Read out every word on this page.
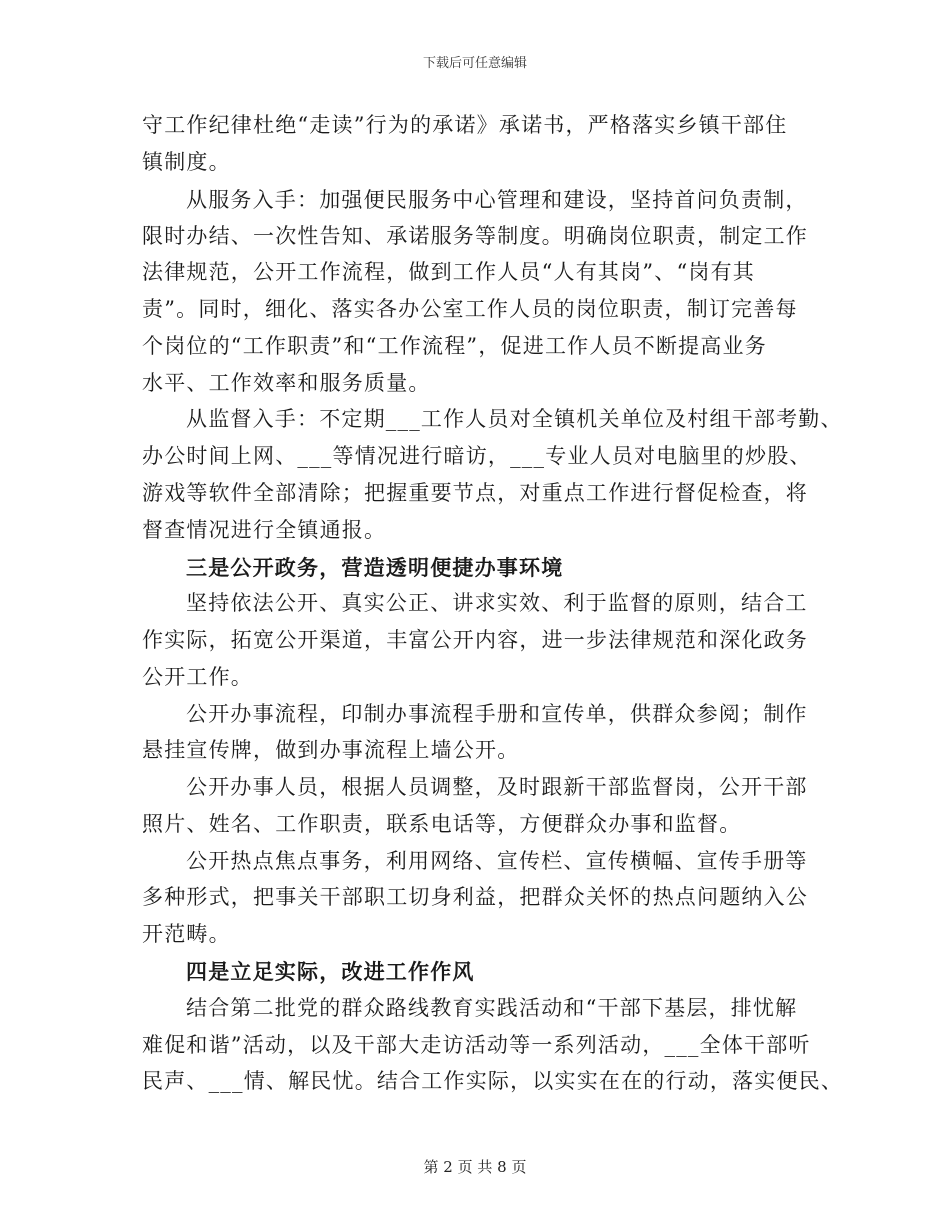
下载后可任意编辑
守工作纪律杜绝“走读”行为的承诺》承诺书，严格落实乡镇干部住
镇制度。
从服务入手：加强便民服务中心管理和建设，坚持首问负责制，
限时办结、一次性告知、承诺服务等制度。明确岗位职责，制定工作
法律规范，公开工作流程，做到工作人员“人有其岗”、“岗有其
责”。同时，细化、落实各办公室工作人员的岗位职责，制订完善每
个岗位的“工作职责”和“工作流程”，促进工作人员不断提高业务
水平、工作效率和服务质量。
从监督入手：不定期___工作人员对全镇机关单位及村组干部考勤、
办公时间上网、___等情况进行暗访，___专业人员对电脑里的炒股、
游戏等软件全部清除；把握重要节点，对重点工作进行督促检查，将
督查情况进行全镇通报。
三是公开政务，营造透明便捷办事环境
坚持依法公开、真实公正、讲求实效、利于监督的原则，结合工
作实际，拓宽公开渠道，丰富公开内容，进一步法律规范和深化政务
公开工作。
公开办事流程，印制办事流程手册和宣传单，供群众参阅；制作
悬挂宣传牌，做到办事流程上墙公开。
公开办事人员，根据人员调整，及时跟新干部监督岗，公开干部
照片、姓名、工作职责，联系电话等，方便群众办事和监督。
公开热点焦点事务，利用网络、宣传栏、宣传横幅、宣传手册等
多种形式，把事关干部职工切身利益，把群众关怀的热点问题纳入公
开范畴。
四是立足实际，改进工作作风
结合第二批党的群众路线教育实践活动和“干部下基层，排忧解
难促和谐”活动，以及干部大走访活动等一系列活动，___全体干部听
民声、___情、解民忧。结合工作实际，以实实在在的行动，落实便民、
第 2 页 共 8 页
